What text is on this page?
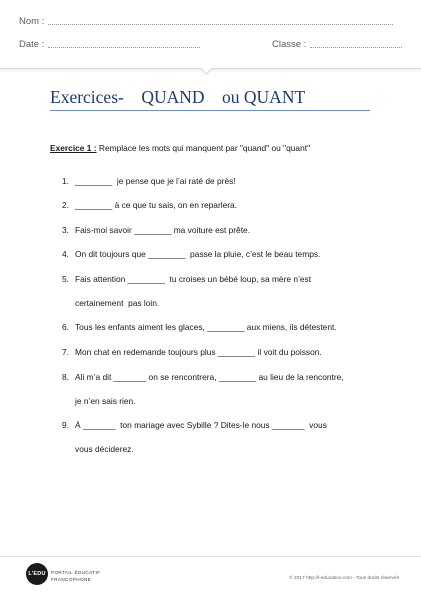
Nom :
Date :	Classe :
Exercices-    QUAND    ou QUANT
Exercice 1 : Remplace les mots qui manquent par "quand" ou "quant"
1. ________  je pense que je l’ai raté de près!
2. ________ à ce que tu sais, on en reparlera.
3. Fais-moi savoir ________ ma voiture est prête.
4. On dit toujours que ________  passe la pluie, c’est le beau temps.
5. Fais attention ________  tu croises un bébé loup, sa mère n’est
certainement  pas loin.
6. Tous les enfants aiment les glaces, ________ aux miens, ils détestent.
7. Mon chat en redemande toujours plus ________ il voit du poisson.
8. Ali m’a dit _______ on se rencontrera, ________ au lieu de la rencontre,
je n’en sais rien.
9. À _______  ton mariage avec Sybille ? Dites-le nous _______  vous
vous déciderez.
L'EDU	PORTAIL ÉDUCATIF
FRANCOPHONE	© 2017 http://l-education.com - Tous droits réservés
